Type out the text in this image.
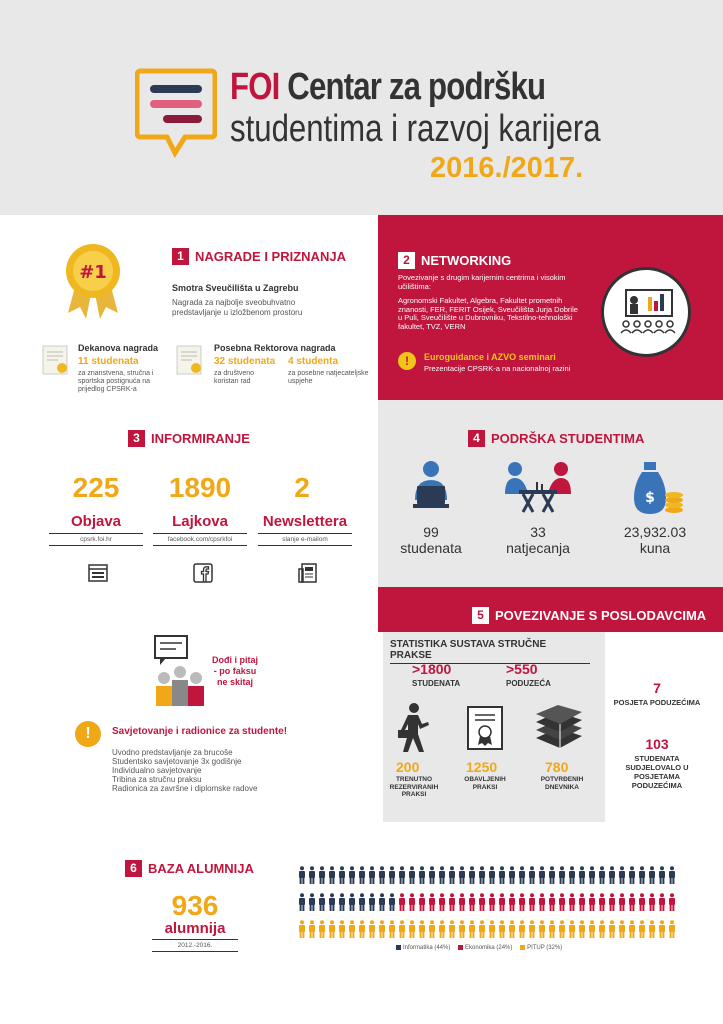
FOI Centar za podršku
studentima i razvoj karijera
2016./2017.
#1
1 NAGRADE I PRIZNANJA
Smotra Sveučilišta u Zagrebu
Nagrada za najbolje sveobuhvatno predstavljanje u izložbenom prostoru
Dekanova nagrada
11 studenata
za znanstvena, stručna i sportska postignuća na prijedlog CPSRK-a
Posebna Rektorova nagrada
32 studenata
za društveno koristan rad
4 studenta
za posebne natjecateljske uspjehe
2 NETWORKING
Povezivanje s drugim karijernim centrima i visokim učilištima:
Agronomski Fakultet, Algebra, Fakultet prometnih znanosti, FER, FERIT Osijek, Sveučilišta Jurja Dobrile u Puli, Sveučilište u Dubrovniku, Tekstilno-tehnološki fakultet, TVZ, VERN
!	Euroguidance i AZVO seminari
Prezentacije CPSRK-a na nacionalnoj razini
3 INFORMIRANJE
225
Objava
cpsrk.foi.hr
1890
Lajkova
facebook.com/cpsrkfoi
2
Newslettera
slanje e-mailom
4 PODRŠKA STUDENTIMA
99
studenata
33
natjecanja
$
23,932.03
kuna
5 POVEZIVANJE S POSLODAVCIMA
STATISTIKA SUSTAVA STRUČNE PRAKSE
>1800
STUDENATA
>550
PODUZEĆA
200
TRENUTNO REZERVIRANIH PRAKSI
1250
OBAVLJENIH PRAKSI
780
POTVRĐENIH DNEVNIKA
7
POSJETA PODUZEĆIMA
103
STUDENATA SUDJELOVALO U POSJETAMA PODUZEĆIMA
Dođi i pitaj
- po faksu
ne skitaj
!	Savjetovanje i radionice za studente!
Uvodno predstavljanje za brucoše
Studentsko savjetovanje 3x godišnje
Individualno savjetovanje
Tribina za stručnu praksu
Radionica za završne i diplomske radove
6 BAZA ALUMNIJA
936
alumnija
2012.-2016.	Informatika (44%) Ekonomika (24%) PITUP (32%)
